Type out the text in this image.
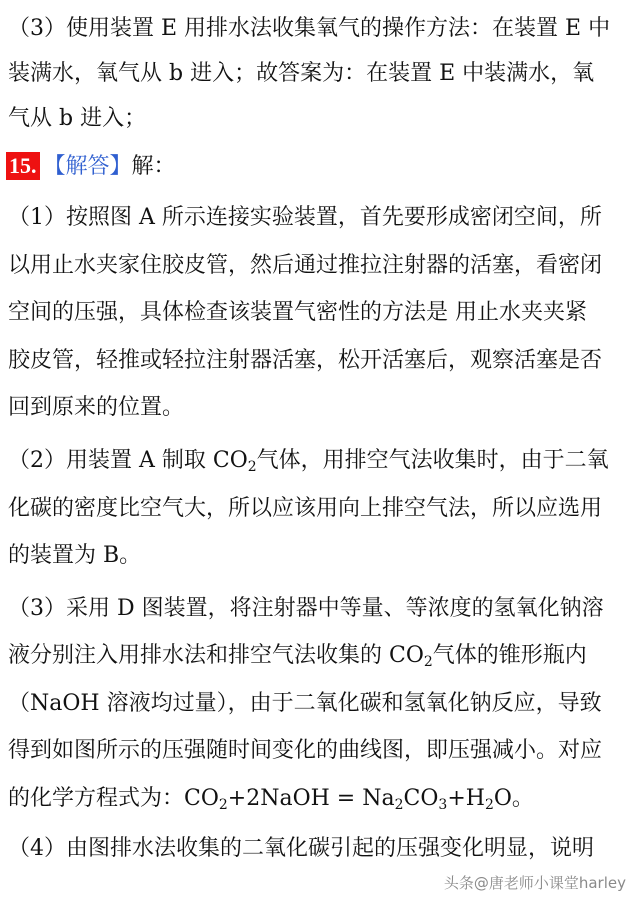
（3）使用装置 E 用排水法收集氧气的操作方法：在装置 E 中
装满水，氧气从 b 进入；故答案为：在装置 E 中装满水，氧
气从 b 进入；
15. 【解答】解：
（1）按照图 A 所示连接实验装置，首先要形成密闭空间，所
以用止水夹家住胶皮管，然后通过推拉注射器的活塞，看密闭
空间的压强，具体检查该装置气密性的方法是 用止水夹夹紧
胶皮管，轻推或轻拉注射器活塞，松开活塞后，观察活塞是否
回到原来的位置。
（2）用装置 A 制取 $CO_2$气体，用排空气法收集时，由于二氧
化碳的密度比空气大，所以应该用向上排空气法，所以应选用
的装置为 B。
（3）采用 D 图装置，将注射器中等量、等浓度的氢氧化钠溶
液分别注入用排水法和排空气法收集的 $CO_2$气体的锥形瓶内
（NaOH 溶液均过量），由于二氧化碳和氢氧化钠反应，导致
得到如图所示的压强随时间变化的曲线图，即压强减小。对应
的化学方程式为：$CO_2+2NaOH = Na_2CO_3+H_2O$。
（4）由图排水法收集的二氧化碳引起的压强变化明显，说明
头条@唐老师小课堂harley
